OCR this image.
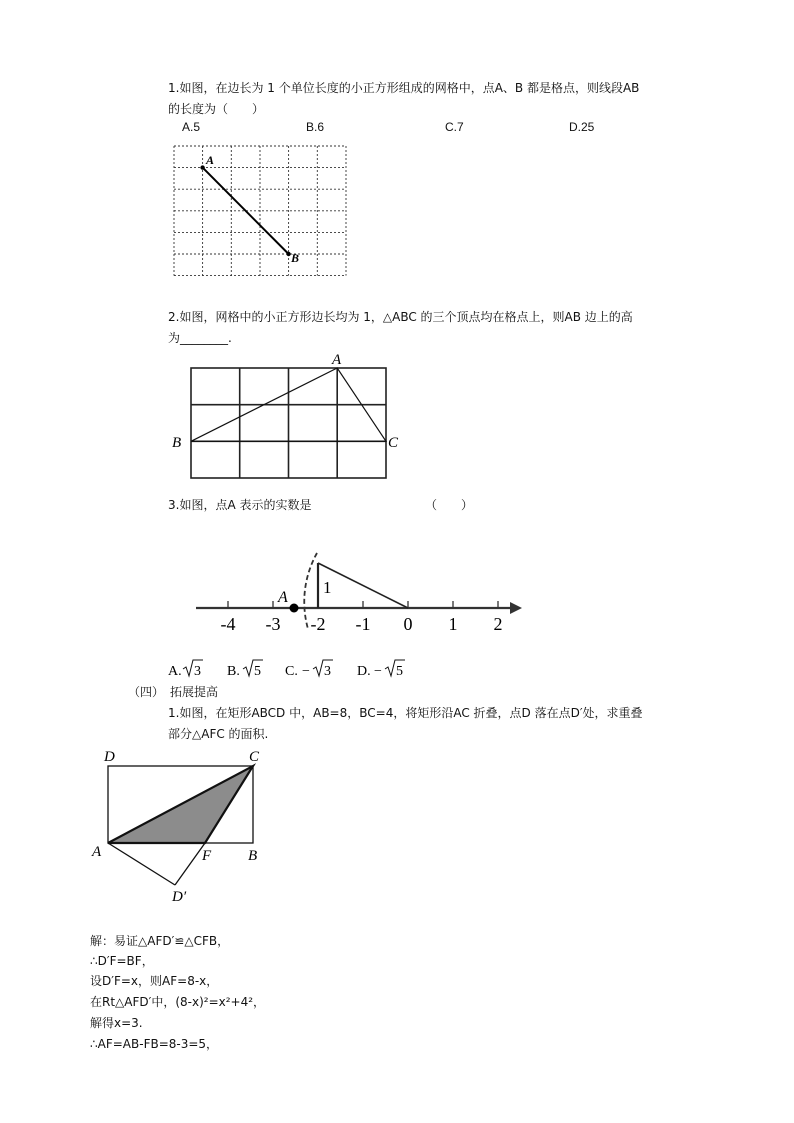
1.如图，在边长为 1 个单位长度的小正方形组成的网格中，点A、B 都是格点，则线段AB
的长度为（　　）
A.5	B.6	C.7	D.25
A
B
2.如图，网格中的小正方形边长均为 1，△ABC 的三个顶点均在格点上，则AB 边上的高
为________.
A
B	C
3.如图，点A 表示的实数是	（　　）
A
1
-4 -3 -2 -1 0 1 2
A. 3 B. 5 C. − 3 D. − 5
（四）　拓展提高
1.如图，在矩形ABCD 中，AB=8，BC=4，将矩形沿AC 折叠，点D 落在点D′处，求重叠
部分△AFC 的面积.
D	C
A	F B
D′
解：易证△AFD′≌△CFB，
∴D′F=BF，
设D′F=x，则AF=8-x，
在Rt△AFD′中，(8-x)²=x²+4²，
解得x=3.
∴AF=AB-FB=8-3=5，
